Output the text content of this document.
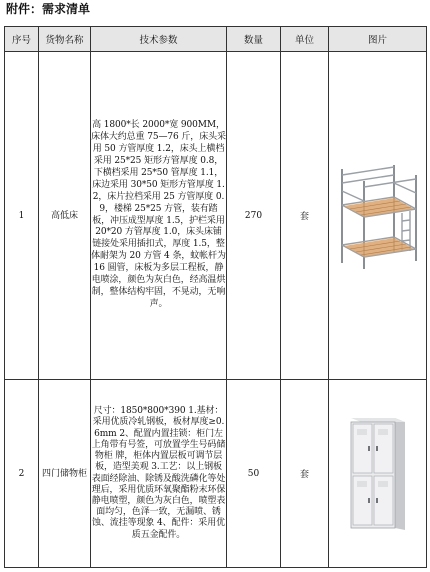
附件：需求清单
序号	货物名称	技术参数	数量	单位	图片
1	高低床	高 1800*长 2000*宽 900MM，床体大约总重 75—76 斤，床头采用 50 方管厚度 1.2，床头上横档采用 25*25 矩形方管厚度 0.8，下横档采用 25*50 管厚度 1.1，床边采用 30*50 矩形方管厚度 1.2，床片拉档采用 25 方管厚度 0.9，楼梯 25*25 方管，装有踏板，冲压成型厚度 1.5，护栏采用 20*20 方管厚度 1.0，床头床铺链接处采用插扣式，厚度 1.5，整体耐架为 20 方管 4 条，蚊帐杆为 16 圆管，床板为多层工程板，静电喷涂，颜色为灰白色，经高温烘制，整体结构牢固，不晃动，无响声。	270	套	

2	四门储物柜	尺寸：1850*800*390 1.基材：采用优质冷轧钢板，板材厚度≥0.6mm 2、配置内置挂锁：柜门左上角带有号签，可放置学生号码储物柜 牌，柜体内置层板可调节层板，造型美观 3.工艺：以上钢板表面经除油、除锈及酸洗磷化等处理后，采用优质环氧聚酯粉末环保静电喷塑，颜色为灰白色，喷塑表面均匀，色泽一致，无漏喷、锈蚀、流挂等现象 4、配件：采用优质五金配件。	50	套	
